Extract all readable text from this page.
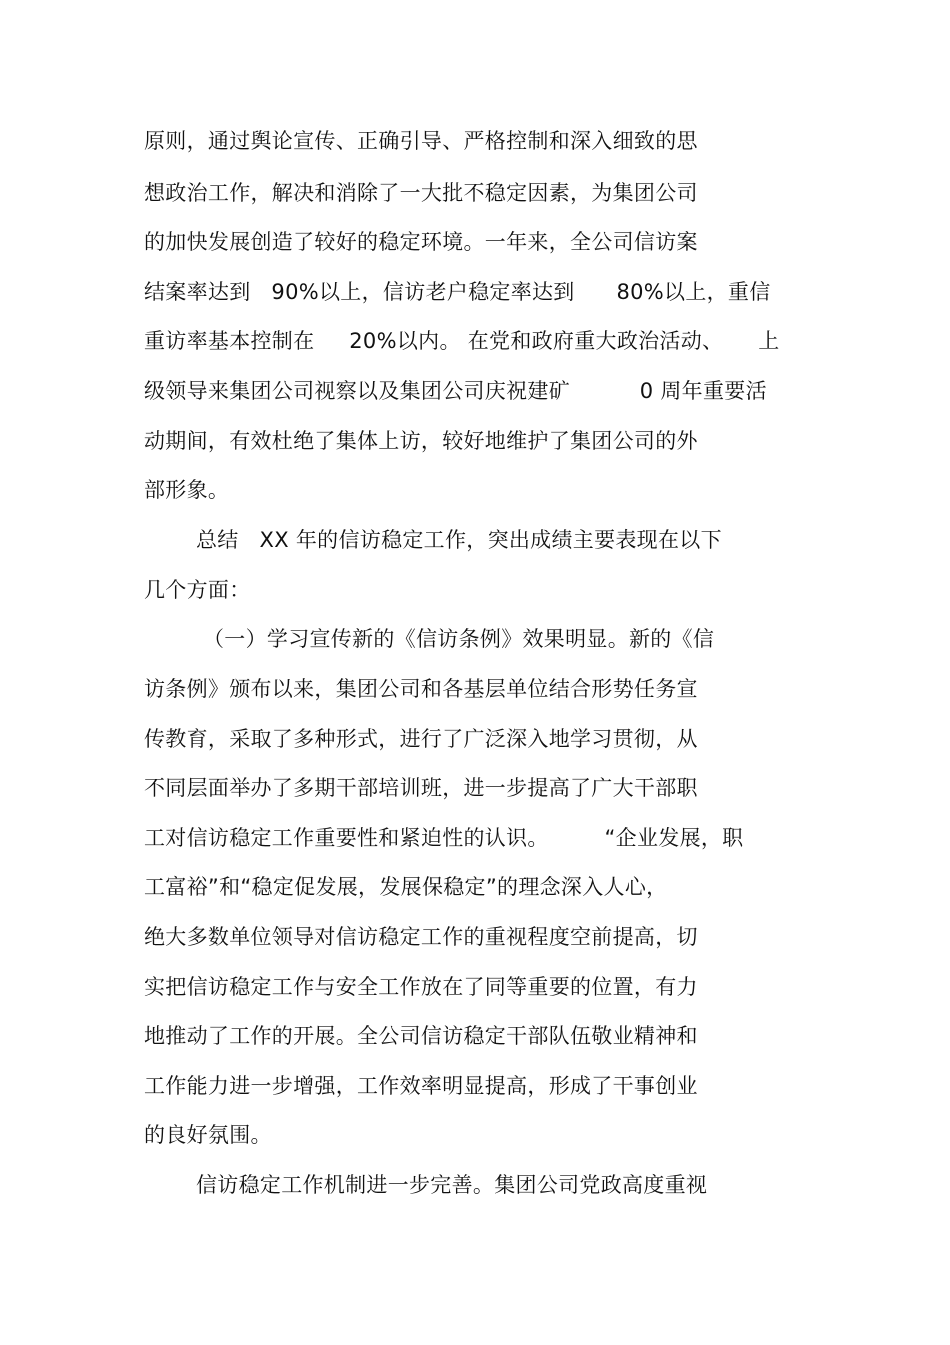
原则，通过舆论宣传、正确引导、严格控制和深入细致的思
想政治工作，解决和消除了一大批不稳定因素，为集团公司
的加快发展创造了较好的稳定环境。一年来，全公司信访案
结案率达到   90%以上，信访老户稳定率达到      80%以上，重信
重访率基本控制在     20%以内。 在党和政府重大政治活动、     上
级领导来集团公司视察以及集团公司庆祝建矿          0 周年重要活
动期间，有效杜绝了集体上访，较好地维护了集团公司的外
部形象。
总结   XX 年的信访稳定工作，突出成绩主要表现在以下
几个方面：
（一）学习宣传新的《信访条例》效果明显。新的《信
访条例》颁布以来，集团公司和各基层单位结合形势任务宣
传教育，采取了多种形式，进行了广泛深入地学习贯彻，从
不同层面举办了多期干部培训班，进一步提高了广大干部职
工对信访稳定工作重要性和紧迫性的认识。        “企业发展，职
工富裕”和“稳定促发展，发展保稳定”的理念深入人心，
绝大多数单位领导对信访稳定工作的重视程度空前提高，切
实把信访稳定工作与安全工作放在了同等重要的位置，有力
地推动了工作的开展。全公司信访稳定干部队伍敬业精神和
工作能力进一步增强，工作效率明显提高，形成了干事创业
的良好氛围。
信访稳定工作机制进一步完善。集团公司党政高度重视
